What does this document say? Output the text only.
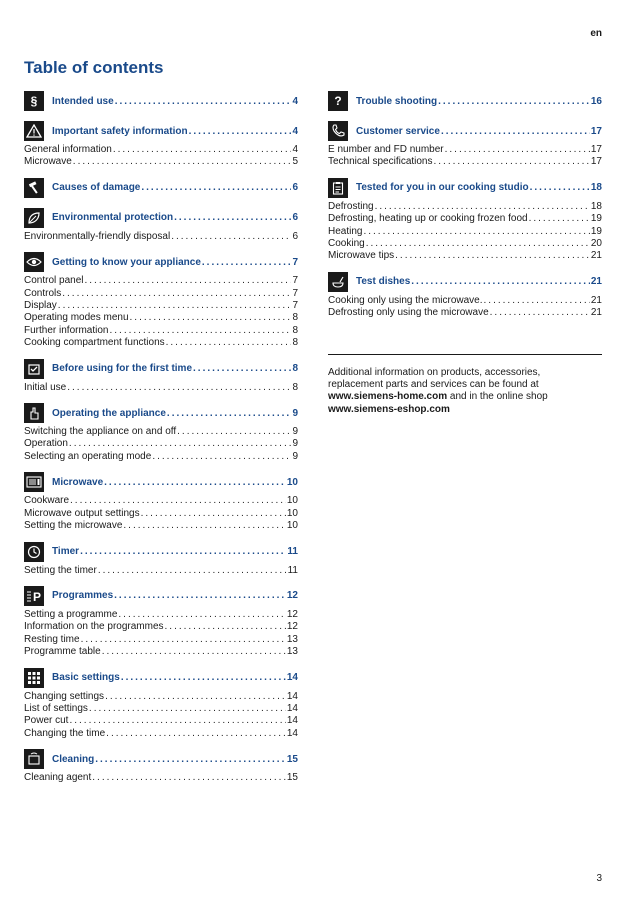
en
Table of contents
§	Intended use .....	4
Important safety information .....	4
General information .....	4
Microwave .....	5
Causes of damage .....	6
Environmental protection .....	6
Environmentally-friendly disposal .....	6
Getting to know your appliance .....	7
Control panel .....	7
Controls .....	7
Display .....	7
Operating modes menu .....	8
Further information .....	8
Cooking compartment functions .....	8
Before using for the first time .....	8
Initial use .....	8
Operating the appliance .....	9
Switching the appliance on and off .....	9
Operation .....	9
Selecting an operating mode .....	9
Microwave .....	10
Cookware .....	10
Microwave output settings .....	10
Setting the microwave .....	10
Timer .....	11
Setting the timer .....	11
P Programmes .....	12
Setting a programme .....	12
Information on the programmes .....	12
Resting time .....	13
Programme table .....	13
Basic settings .....	14
Changing settings .....	14
List of settings .....	14
Power cut .....	14
Changing the time .....	14
Cleaning .....	15
Cleaning agent .....	15
?	Trouble shooting .....	16
Customer service .....	17
E number and FD number .....	17
Technical specifications .....	17
Tested for you in our cooking studio .....	18
Defrosting .....	18
Defrosting, heating up or cooking frozen food .....	19
Heating .....	19
Cooking .....	20
Microwave tips .....	21
Test dishes .....	21
Cooking only using the microwave. .....	21
Defrosting only using the microwave .....	21
Additional information on products, accessories,
replacement parts and services can be found at
www.siemens-home.com and in the online shop
www.siemens-eshop.com
3
